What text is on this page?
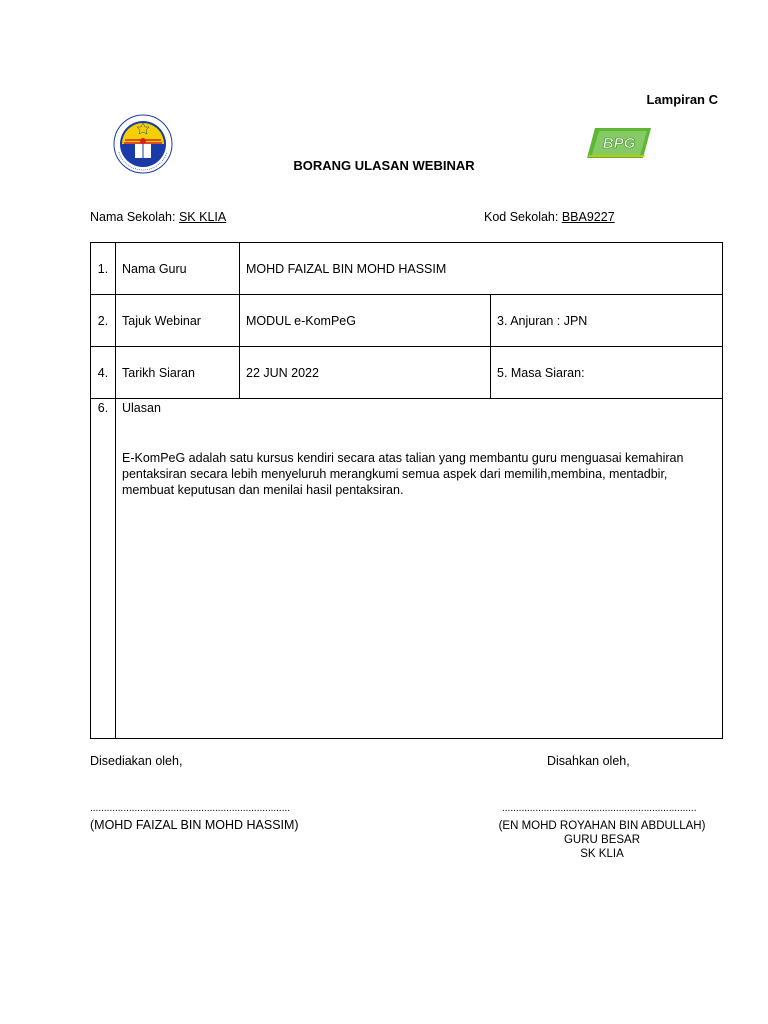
BPG
Lampiran C
BORANG ULASAN WEBINAR
Nama Sekolah: SK KLIA	Kod Sekolah: BBA9227
1.	Nama Guru	MOHD FAIZAL BIN MOHD HASSIM	
2.	Tajuk Webinar	MODUL e-KomPeG	3. Anjuran : JPN
4.	Tarikh Siaran	22 JUN 2022	5. Masa Siaran:
6.	Ulasan
E-KomPeG adalah satu kursus kendiri secara atas talian yang membantu guru menguasai kemahiran pentaksiran secara lebih menyeluruh merangkumi semua aspek dari memilih,membina, mentadbir, membuat keputusan dan menilai hasil pentaksiran.		
Disediakan oleh,	Disahkan oleh,
........................................................................	......................................................................
(MOHD FAIZAL BIN MOHD HASSIM)	(EN MOHD ROYAHAN BIN ABDULLAH)
GURU BESAR
SK KLIA
